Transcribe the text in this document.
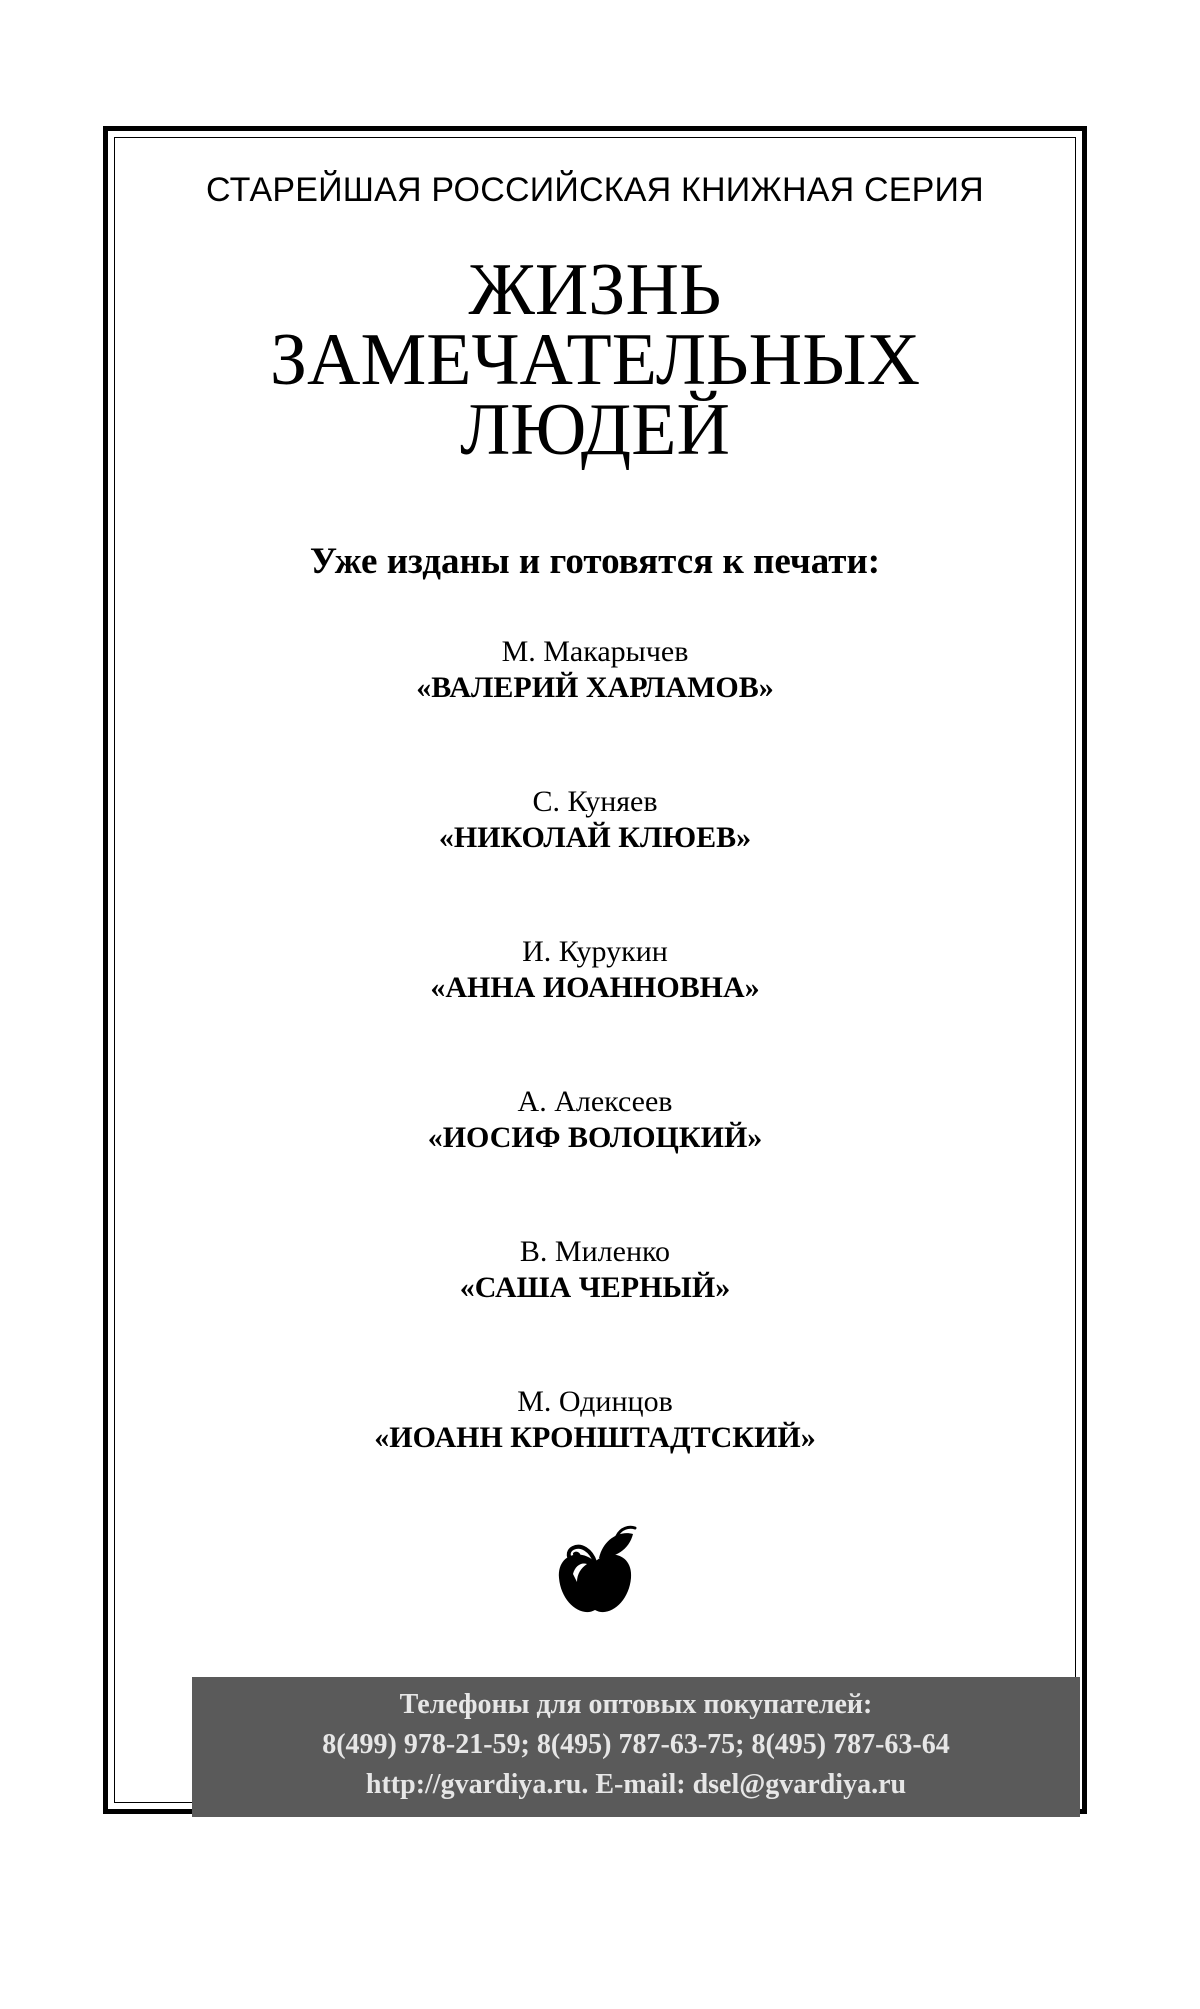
СТАРЕЙШАЯ РОССИЙСКАЯ КНИЖНАЯ СЕРИЯ
ЖИЗНЬ
ЗАМЕЧАТЕЛЬНЫХ
ЛЮДЕЙ
Уже изданы и готовятся к печати:
М. Макарычев
«ВАЛЕРИЙ ХАРЛАМОВ»
С. Куняев
«НИКОЛАЙ КЛЮЕВ»
И. Курукин
«АННА ИОАННОВНА»
А. Алексеев
«ИОСИФ ВОЛОЦКИЙ»
В. Миленко
«САША ЧЕРНЫЙ»
М. Одинцов
«ИОАНН КРОНШТАДТСКИЙ»
Телефоны для оптовых покупателей:
8(499) 978-21-59; 8(495) 787-63-75; 8(495) 787-63-64
http://gvardiya.ru. E-mail: dsel@gvardiya.ru
